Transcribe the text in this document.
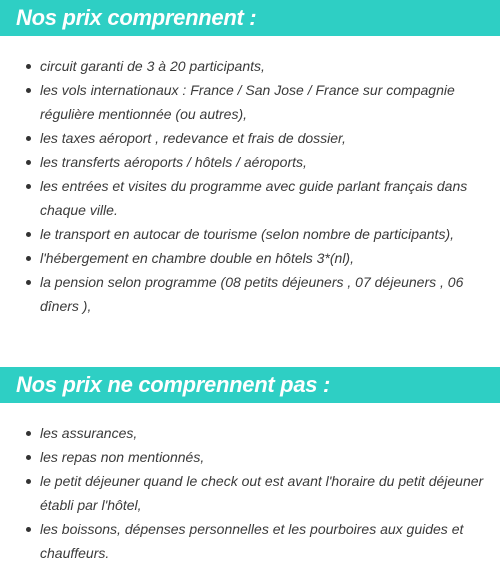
Nos prix comprennent :
circuit garanti de 3 à 20 participants,
les vols internationaux : France / San Jose / France sur compagnie régulière mentionnée (ou autres),
les taxes aéroport , redevance et frais de dossier,
les transferts aéroports / hôtels / aéroports,
les entrées et visites du programme avec guide parlant français dans chaque ville.
le transport en autocar de tourisme (selon nombre de participants),
l'hébergement en chambre double en hôtels 3*(nl),
la pension selon programme (08 petits déjeuners , 07 déjeuners , 06 dîners ),
Nos prix ne comprennent pas :
les assurances,
les repas non mentionnés,
le petit déjeuner quand le check out est avant l'horaire du petit déjeuner établi par l'hôtel,
les boissons, dépenses personnelles et les pourboires aux guides et chauffeurs.
